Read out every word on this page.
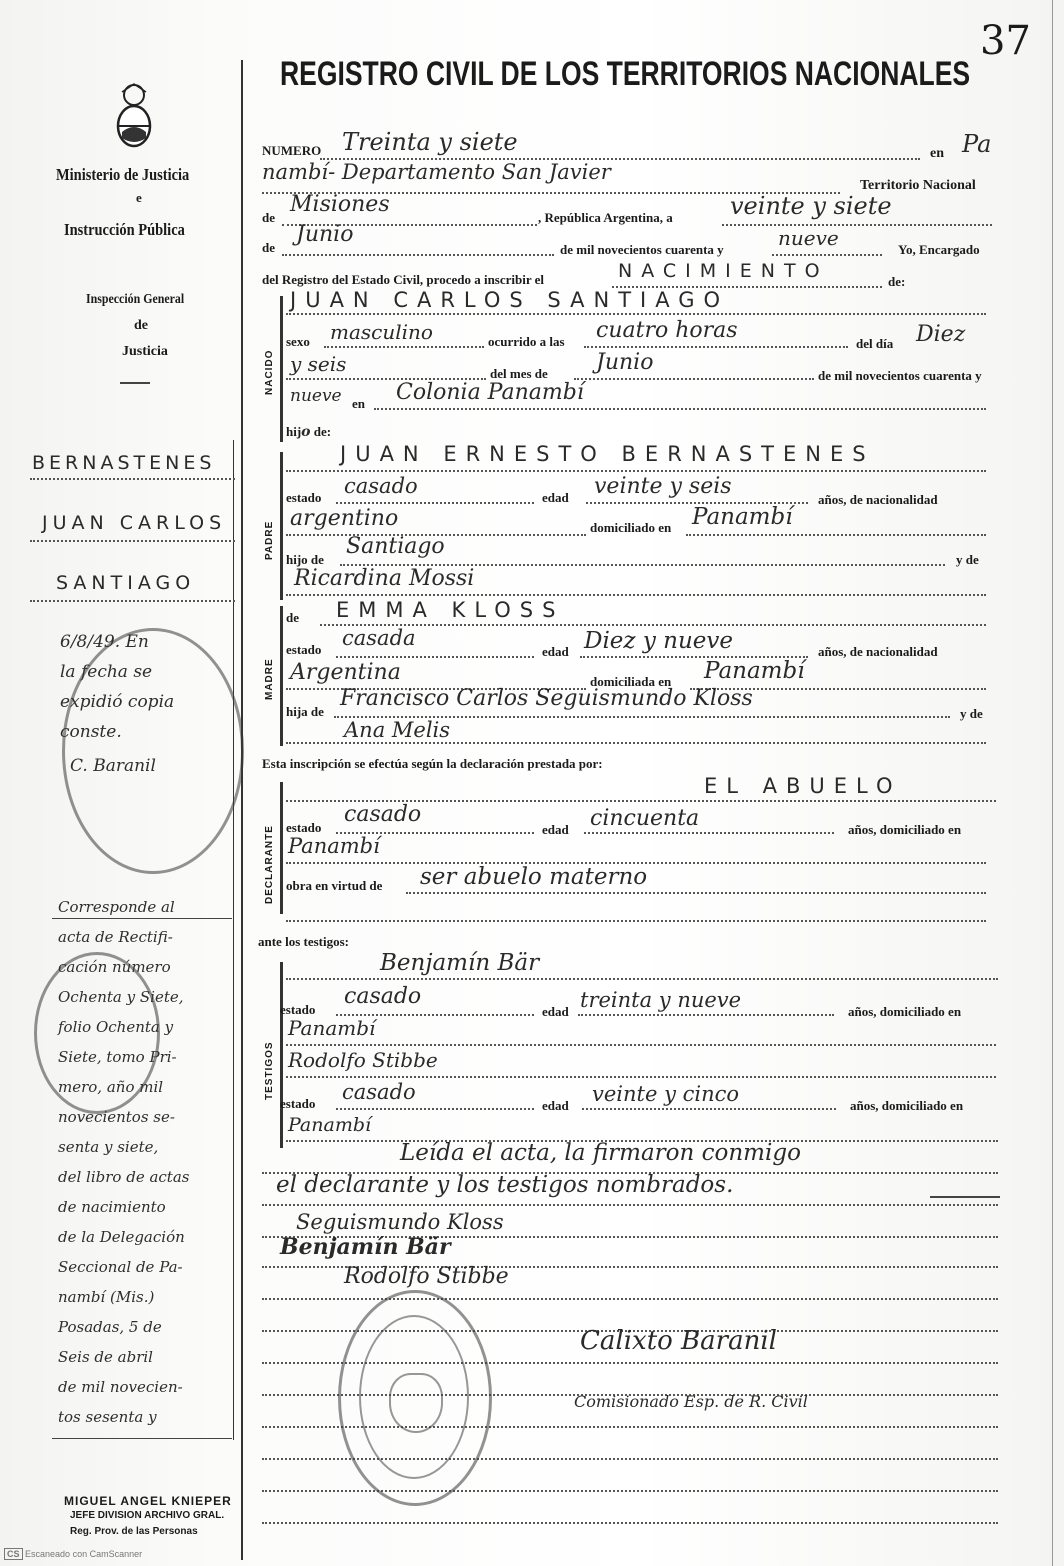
37
REGISTRO CIVIL DE LOS TERRITORIOS NACIONALES
Ministerio de Justicia
e
Instrucción Pública
Inspección General
de
Justicia
NUMERO Treinta y siete	en Pa
nambí- Departamento San Javier
Territorio Nacional
de
Misiones
, República Argentina, a veinte y siete
de
Junio
de mil novecientos cuarenta y	nueve	Yo, Encargado
del Registro del Estado Civil, procedo a inscribir el	NACIMIENTO	de:
NACIDO
JUAN CARLOS SANTIAGO
sexo masculino	ocurrido a las cuatro horas
del día Diez
y seis	del mes de Junio
de mil novecientos cuarenta y
nueve en Colonia Panambí
hijo de:
PADRE
JUAN ERNESTO BERNASTENES
estado casado	edad veinte y seis
años, de nacionalidad
argentino	domiciliado en Panambí
hijo de
Santiago
y de
Ricardina Mossi
MADRE
de EMMA KLOSS
estado casada
edad Diez y nueve	años, de nacionalidad
Argentina	domiciliada en Panambí
hija de
Francisco Carlos Seguismundo Kloss
y de
Ana Melis
Esta inscripción se efectúa según la declaración prestada por:
DECLARANTE
EL ABUELO
estado
casado
edad cincuenta	años, domiciliado en
Panambí
obra en virtud de ser abuelo materno
ante los testigos:
TESTIGOS
Benjamín Bär
estado
casado
edad treinta y nueve	años, domiciliado en
Panambí
Rodolfo Stibbe
estado casado
edad veinte y cinco	años, domiciliado en
Panambí
Leída el acta, la firmaron conmigo
el declarante y los testigos nombrados.
Seguismundo Kloss
Benjamín Bär
Rodolfo Stibbe
Calixto Baranil
Comisionado Esp. de R. Civil
BERNASTENES
JUAN CARLOS
SANTIAGO
6/8/49. En
la fecha se
expidió copia
conste.
C. Baranil
Corresponde al
acta de Rectifi-
cación número
Ochenta y Siete,
folio Ochenta y
Siete, tomo Pri-
mero, año mil
novecientos se-
senta y siete,
del libro de actas
de nacimiento
de la Delegación
Seccional de Pa-
nambí (Mis.)
Posadas, 5 de
Seis de abril
de mil novecien-
tos sesenta y
MIGUEL ANGEL KNIEPER
JEFE DIVISION ARCHIVO GRAL.
Reg. Prov. de las Personas
CS Escaneado con CamScanner
